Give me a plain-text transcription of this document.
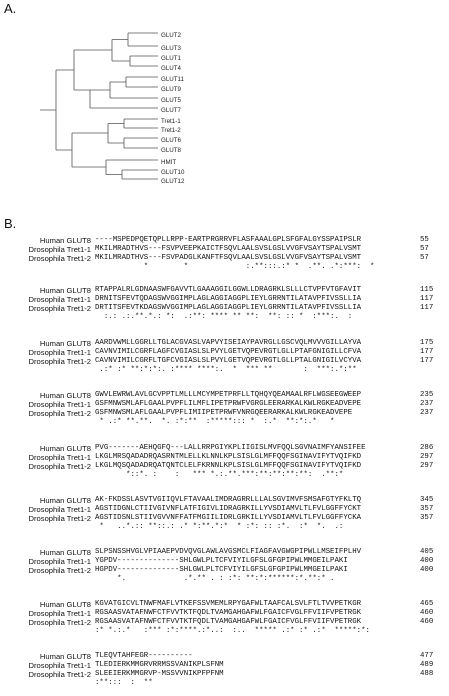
A.
GLUT2
GLUT3
GLUT1
GLUT4
GLUT11
GLUT9
GLUT5
GLUT7
Tret1-1
Tret1-2
GLUT6
GLUT8
HMIT
GLUT10
GLUT12
B.
Human GLUT8 ----MSPEDPQETQPLLRPP-EARTPRGRRVFLASFAAALGPLSFGFALGYSSPAIPSLR	55
Drosophila Tret1-1 MKILMRADTHVS---FSVPVEEPKAICTFSQVLAALSVSLGSLVVGFVSAYTSPALVSMT	57
Drosophila Tret1-2 MKILMRADTHVS---FSVPADGLKANFTFSQVLAALSVSLGSLVVGFVSAYTSPALVSMT	57
*        *             :.**:::.:* *  .**. .*:***:  *
Human GLUT8 RTAPPALRLGDNAASWFGAVVTLGAAAGGILGGWLLDRAGRKLSLLLCTVPFVTGFAVIT	115
Drosophila Tret1-1 DRNITSFEVTQDAGSWVGGIMPLAGLAGGIAGGPLIEYLGRRNTILATAVPFIVSSLLIA	117
Drosophila Tret1-2 DRTITSFEVTKDAGSWVGGIMPLAGLAGGIAGGPLIEYLGRRNTILATAVPFIVSSLLIA	117
:.: .:.**.*.: *:  .:**: **** ** **:  **: :: *  :***:.  :
Human GLUT8 AARDVWMLLGGRLLTGLACGVASLVAPVYISEIAYPAVRGLLGSCVQLMVVVGILLAYVA	175
Drosophila Tret1-1 CAVNVIMILCGRFLAGFCVGIASLSLPVYLGETVQPEVRGTLGLLPTAFGNIGILLCFVA	177
Drosophila Tret1-2 CAVNVIMILCGRFLTGFCVGIASLSLPVYLGETVQPEVRGTLGLLPTALGNIGILVCYVA	177
.:* :* **:*:*:. :**** ****:.  *  *** **       :  ***:.*:**
Human GLUT8 GWVLEWRWLAVLGCVPPTLMLLLMCYMPETPRFLLTQHQYQEAMAALRFLWGSEEGWEEP	235
Drosophila Tret1-1 GSFMNWSMLAFLGAALPVPFLILMFLIPETPRWFVGRGLEERARKALKWLRGKEADVEPE	237
Drosophila Tret1-2 GSFMNWSMLAFLGAALPVPFLIMIIPETPRWFVNRGQEERARKALKWLRGKEADVEPE	237
* .:* **.**.  *. :*:**  :*****::: *  :.*  **:*:.*   *
Human GLUT8 PVG-------AEHQGFQ---LALLRRPGIYKPLIIGISLMVFQQLSGVNAIMFYANSIFEE	286
Drosophila Tret1-1 LKGLMRSQADADRQASRNTMLELLKLNNLKPLSISLGLMFFQQFSGINAVIFYTVQIFKD	297
Drosophila Tret1-2 LKGLMQSQADADRQATQNTCLELFKRNNLKPLSISLGLMFFQQFSGINAVIFYTVQIFKD	297
*::*. :    :   *** *.:.**.***:**:**:**:**:  .**:*
Human GLUT8 AK-FKDSSLASVTVGIIQVLFTAVAALIMDRAGRRLLLALSGVIMVFSMSAFGTYFKLTQ	345
Drosophila Tret1-1 AGSTIDGNLCTIIVGIVNFLATFIGIVLIDRAGRKILLYVSDIAMVLTLFVLGGFFYCKT	357
Drosophila Tret1-2 AGSTIDSNLSTIIVGVVNFFATFMGIILIDRLGRKILLYVSDIAMVLTLFVLGGFFYCKA	357
*   ..*.:: **::.: .* *:**.*:*  * :*: :: :*.  :*  *.  .:
Human GLUT8 SLPSNSSHVGLVPIAAEPVDVQVGLAWLAVGSMCLFIAGFAVGWGPIPWLLMSEIFPLHV	405
Drosophila Tret1-1 YGPDV--------------SHLGWLPLTCFVIYILGFSLGFGPIPWLMMGEILPAKI	400
Drosophila Tret1-2 HGPDV--------------SHLGWLPLTCFVIYILGFSLGFGPIPWLMMGEILPAKI	400
*.             .*.** . : :*: **:*:******:*.**:* .
Human GLUT8 KGVATGICVLTNWFMAFLVTKEFSSVMEMLRPYGAFWLTAAFCALSVLFTLTVVPETKGR	465
Drosophila Tret1-1 RGSAASVATAFNWFCTFVVTKTFQDLTVAMGAHGAFWLFGAICFVGLFFVIIFVPETRGK	460
Drosophila Tret1-2 RGSAASVATAFNWFCTFVVTKTFQDLTVAMGAHGAFWLFGAICFVGLFFVIIFVPETRGK	460
:* *.:.*   :*** :*:****.:*..:  :..  ***** .:* :* .:*  *****:*:
Human GLUT8 TLEQVTAHFEGR----------	477
Drosophila Tret1-1 TLEDIERKMMGRVRRMSSVANIKPLSFNM	489
Drosophila Tret1-2 SLEEIERKMMGRVP-MSSVVNIKPFPFNM	488
:**:::  :  **
